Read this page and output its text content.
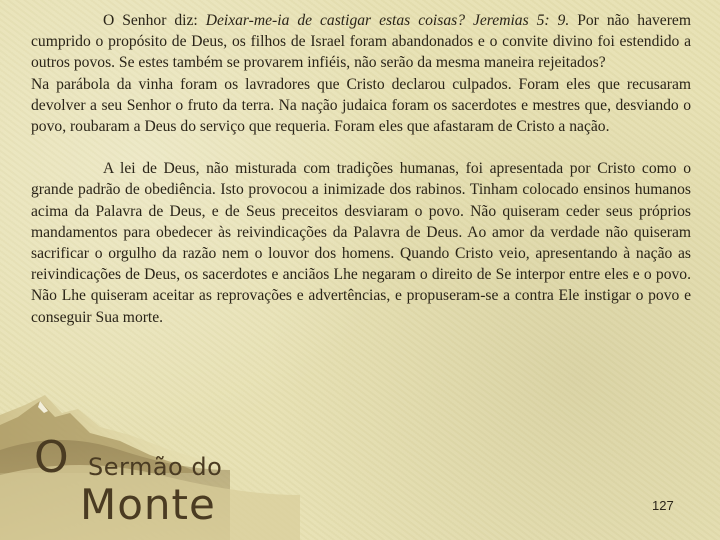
O Senhor diz: Deixar-me-ia de castigar estas coisas? Jeremias 5: 9. Por não haverem cumprido o propósito de Deus, os filhos de Israel foram abandonados e o convite divino foi estendido a outros povos. Se estes também se provarem infiéis, não serão da mesma maneira rejeitados?

Na parábola da vinha foram os lavradores que Cristo declarou culpados. Foram eles que recusaram devolver a seu Senhor o fruto da terra. Na nação judaica foram os sacerdotes e mestres que, desviando o povo, roubaram a Deus do serviço que requeria. Foram eles que afastaram de Cristo a nação.

A lei de Deus, não misturada com tradições humanas, foi apresentada por Cristo como o grande padrão de obediência. Isto provocou a inimizade dos rabinos. Tinham colocado ensinos humanos acima da Palavra de Deus, e de Seus preceitos desviaram o povo. Não quiseram ceder seus próprios mandamentos para obedecer às reivindicações da Palavra de Deus. Ao amor da verdade não quiseram sacrificar o orgulho da razão nem o louvor dos homens. Quando Cristo veio, apresentando à nação as reivindicações de Deus, os sacerdotes e anciãos Lhe negaram o direito de Se interpor entre eles e o povo. Não Lhe quiseram aceitar as reprovações e advertências, e propuseram-se a contra Ele instigar o povo e conseguir Sua morte.

O Sermão do
Monte	127
